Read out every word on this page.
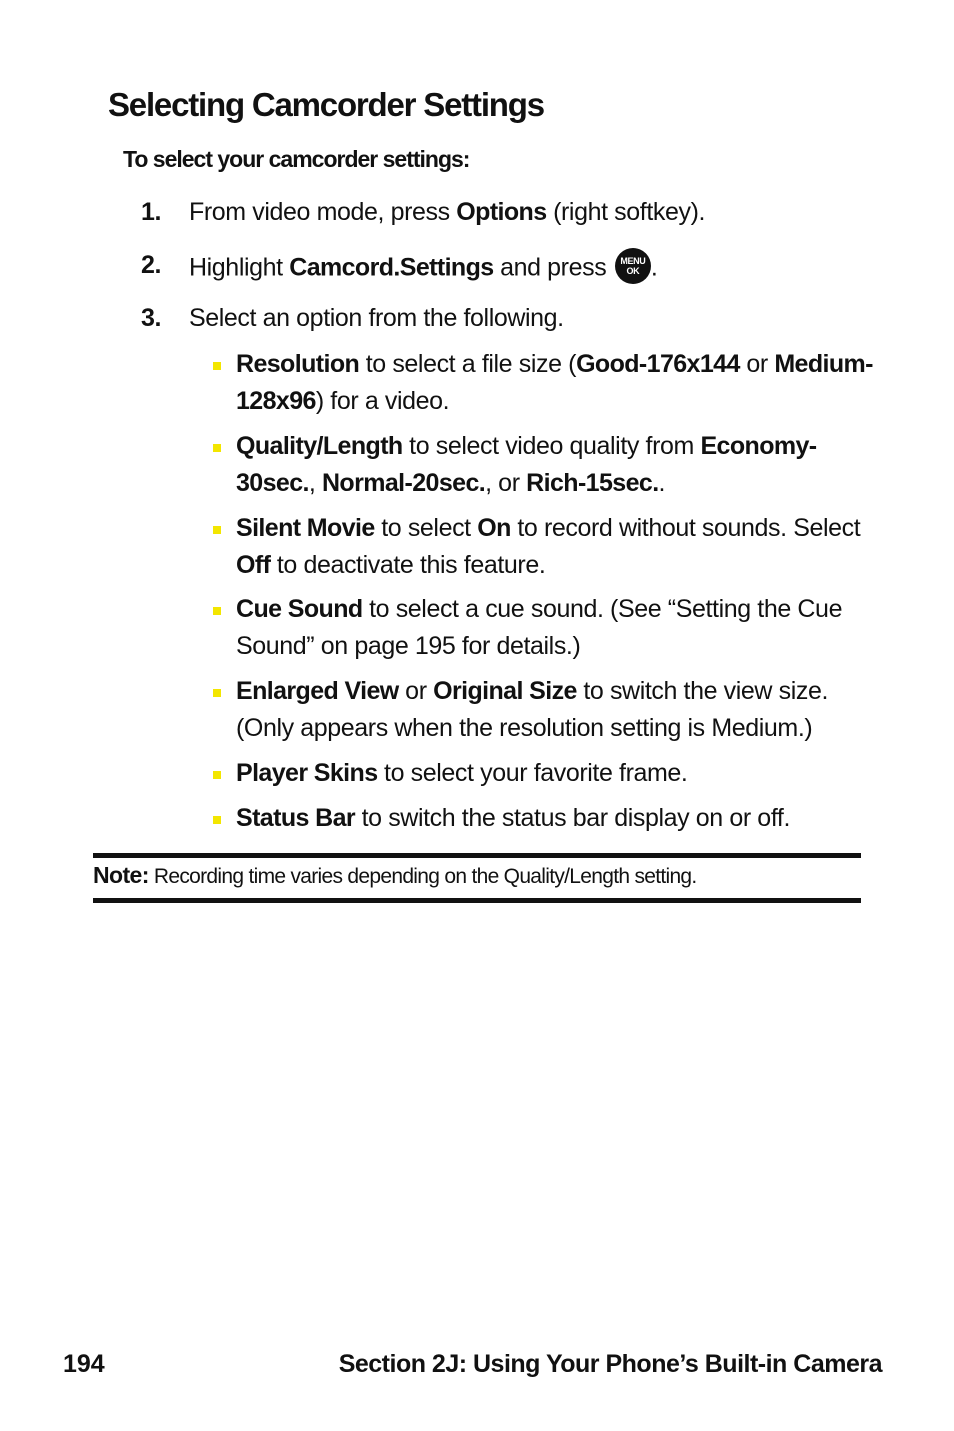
Selecting Camcorder Settings
To select your camcorder settings:
1. From video mode, press Options (right softkey).
2. Highlight Camcord.Settings and press MENU
OK .
3. Select an option from the following.
Resolution to select a file size (Good-176x144 or Medium-128x96) for a video.
Quality/Length to select video quality from Economy-30sec., Normal-20sec., or Rich-15sec..
Silent Movie to select On to record without sounds. Select Off to deactivate this feature.
Cue Sound to select a cue sound. (See “Setting the Cue Sound” on page 195 for details.)
Enlarged View or Original Size to switch the view size. (Only appears when the resolution setting is Medium.)
Player Skins to select your favorite frame.
Status Bar to switch the status bar display on or off.
Note: Recording time varies depending on the Quality/Length setting.
194	Section 2J: Using Your Phone’s Built-in Camera
